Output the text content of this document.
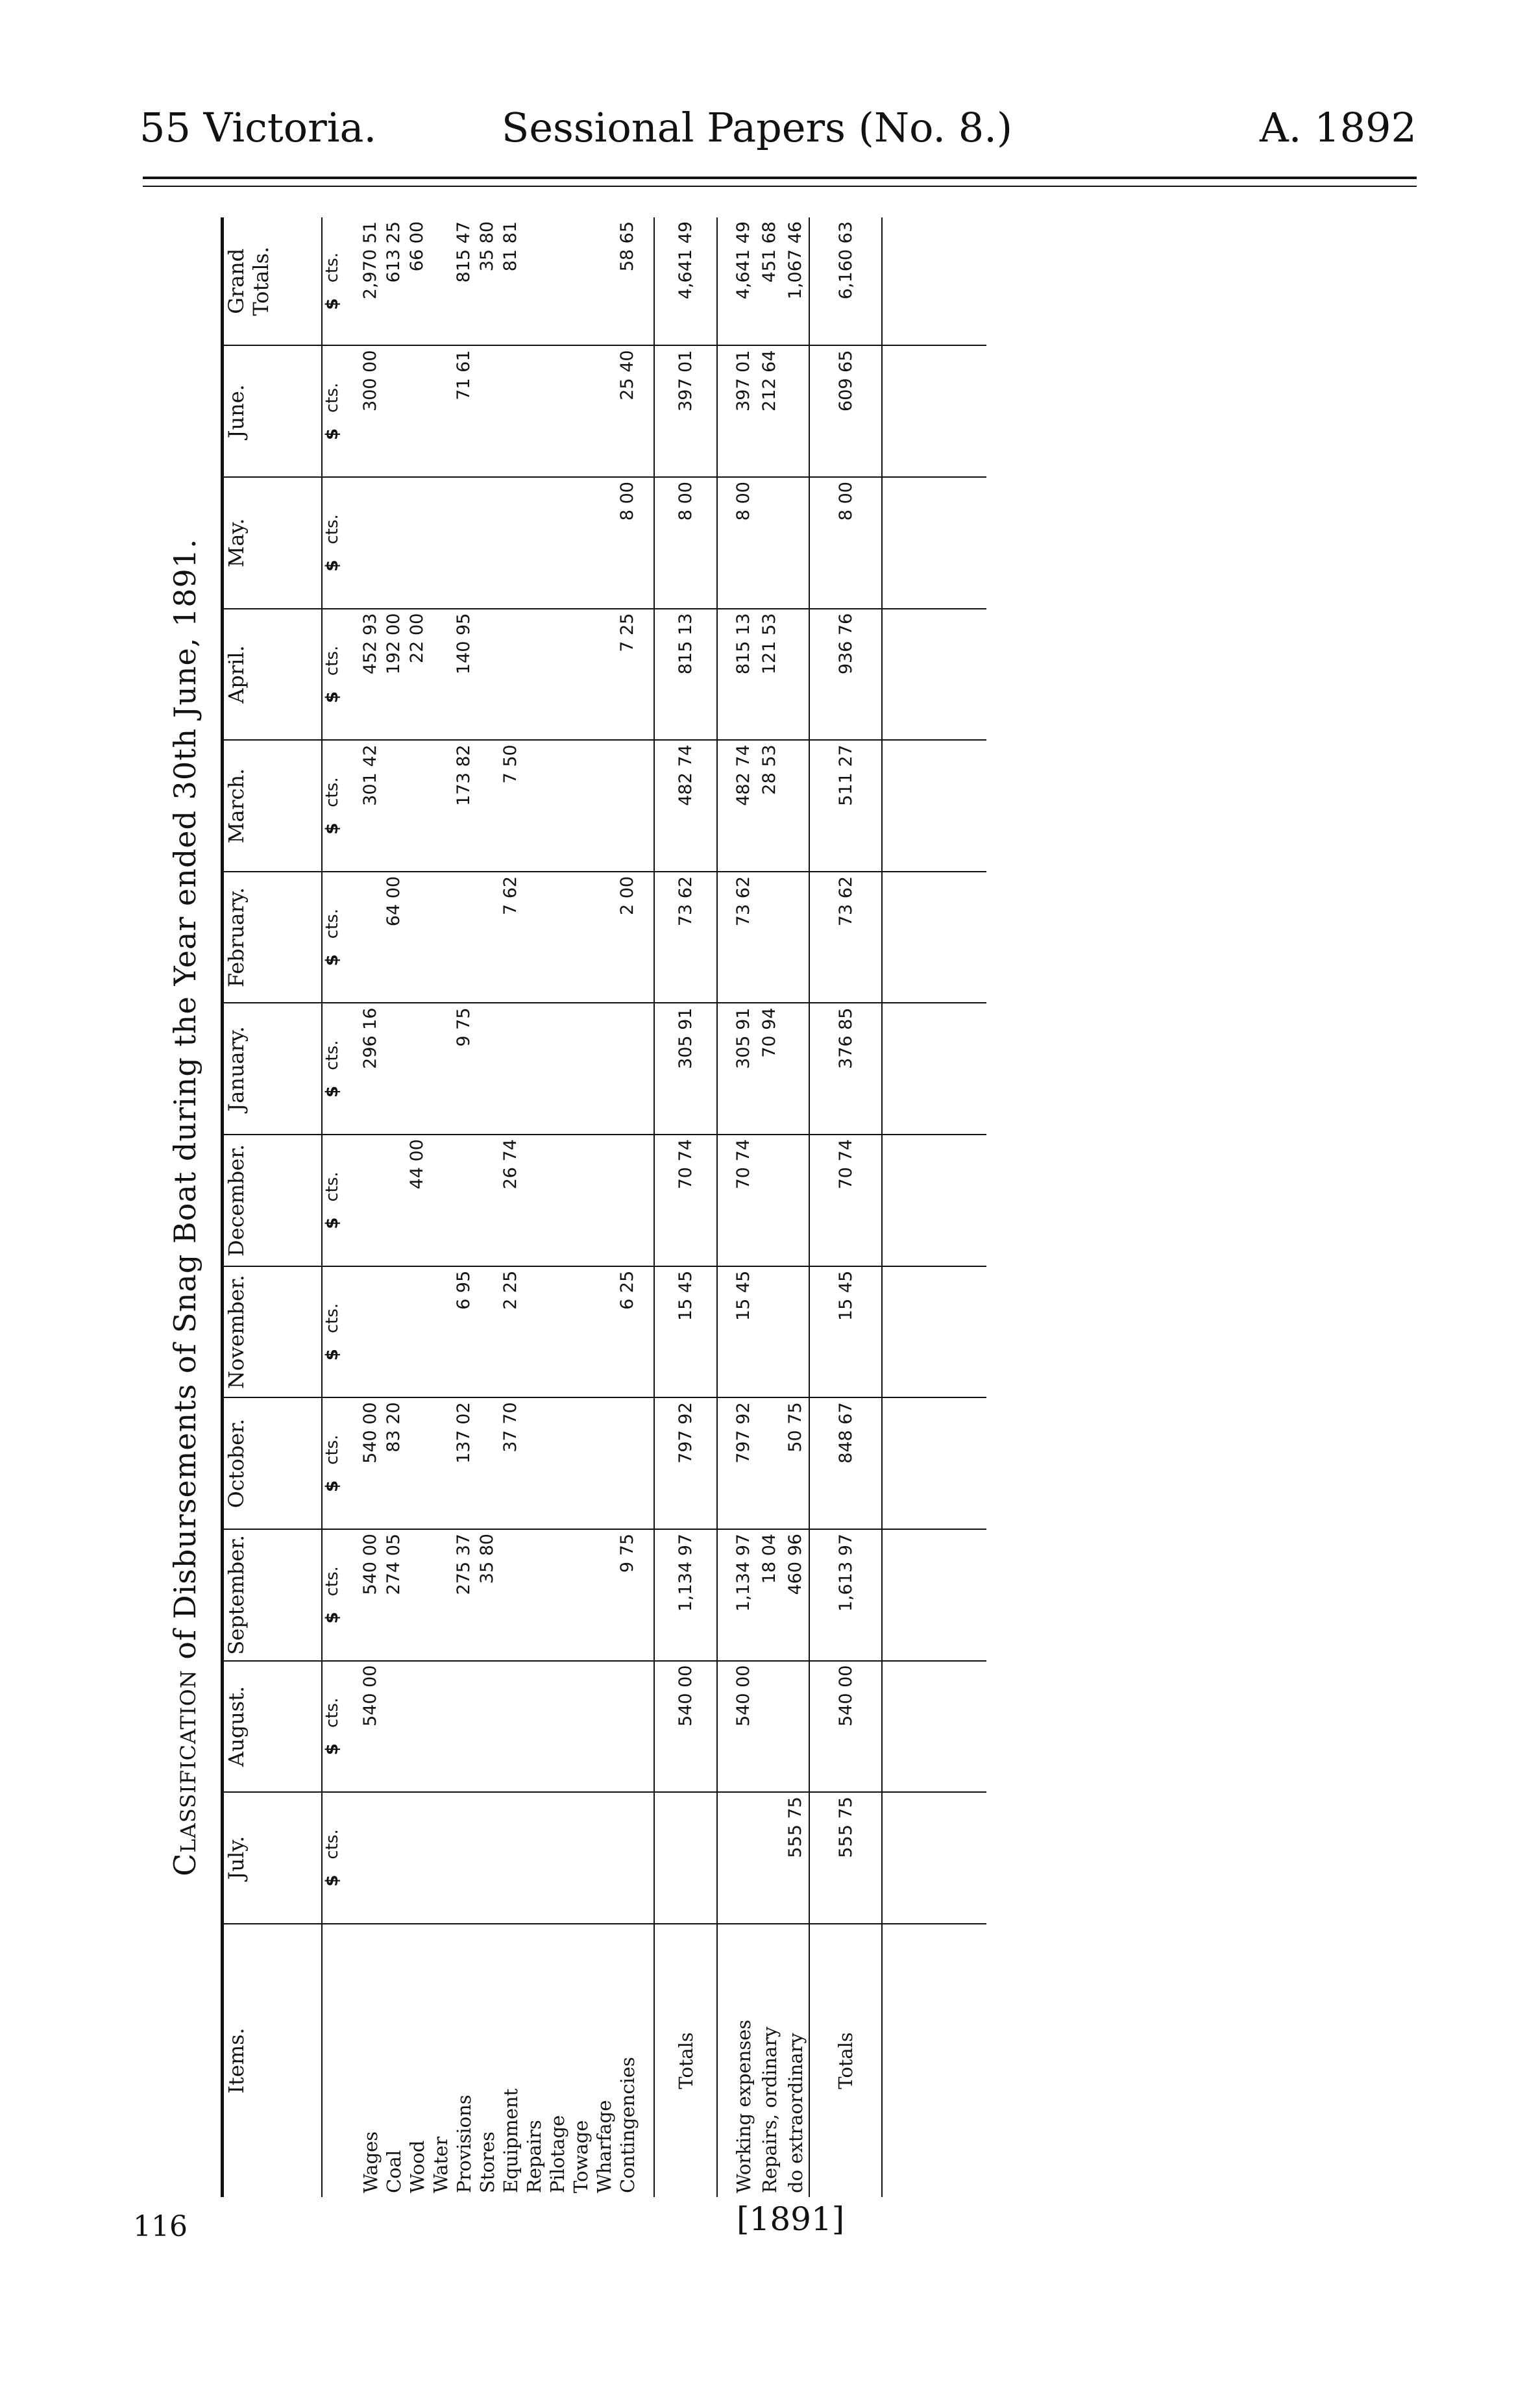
55 Victoria.	Sessional Papers (No. 8.)	A. 1892
Classification of Disbursements of Snag Boat during the Year ended 30th June, 1891.
Items.	July.	August.	September.	October.	November.	December.	January.	February.	March.	April.	May.	June.	Grand Totals.
	$cts.	$cts.	$cts.	$cts.	$cts.	$cts.	$cts.	$cts.	$cts.	$cts.	$cts.	$cts.	$cts.
Wages		540 00	540 00	540 00			296 16		301 42	452 93		300 00	2,970 51
Coal			274 05	83 20				64 00		192 00			613 25
Wood						44 00				22 00			66 00
Water													
Provisions			275 37	137 02	6 95		9 75		173 82	140 95		71 61	815 47
Stores			35 80										35 80
Equipment				37 70	2 25	26 74		7 62	7 50				81 81
Repairs													
Pilotage													
Towage													
Wharfage													
Contingencies			9 75		6 25			2 00		7 25	8 00	25 40	58 65

Totals		540 00	1,134 97	797 92	15 45	70 74	305 91	73 62	482 74	815 13	8 00	397 01	4,641 49
Working expenses		540 00	1,134 97	797 92	15 45	70 74	305 91	73 62	482 74	815 13	8 00	397 01	4,641 49
Repairs, ordinary			18 04				70 94		28 53	121 53		212 64	451 68
do extraordinary	555 75		460 96	50 75									1,067 46
Totals	555 75	540 00	1,613 97	848 67	15 45	70 74	376 85	73 62	511 27	936 76	8 00	609 65	6,160 63

116	[1891]
